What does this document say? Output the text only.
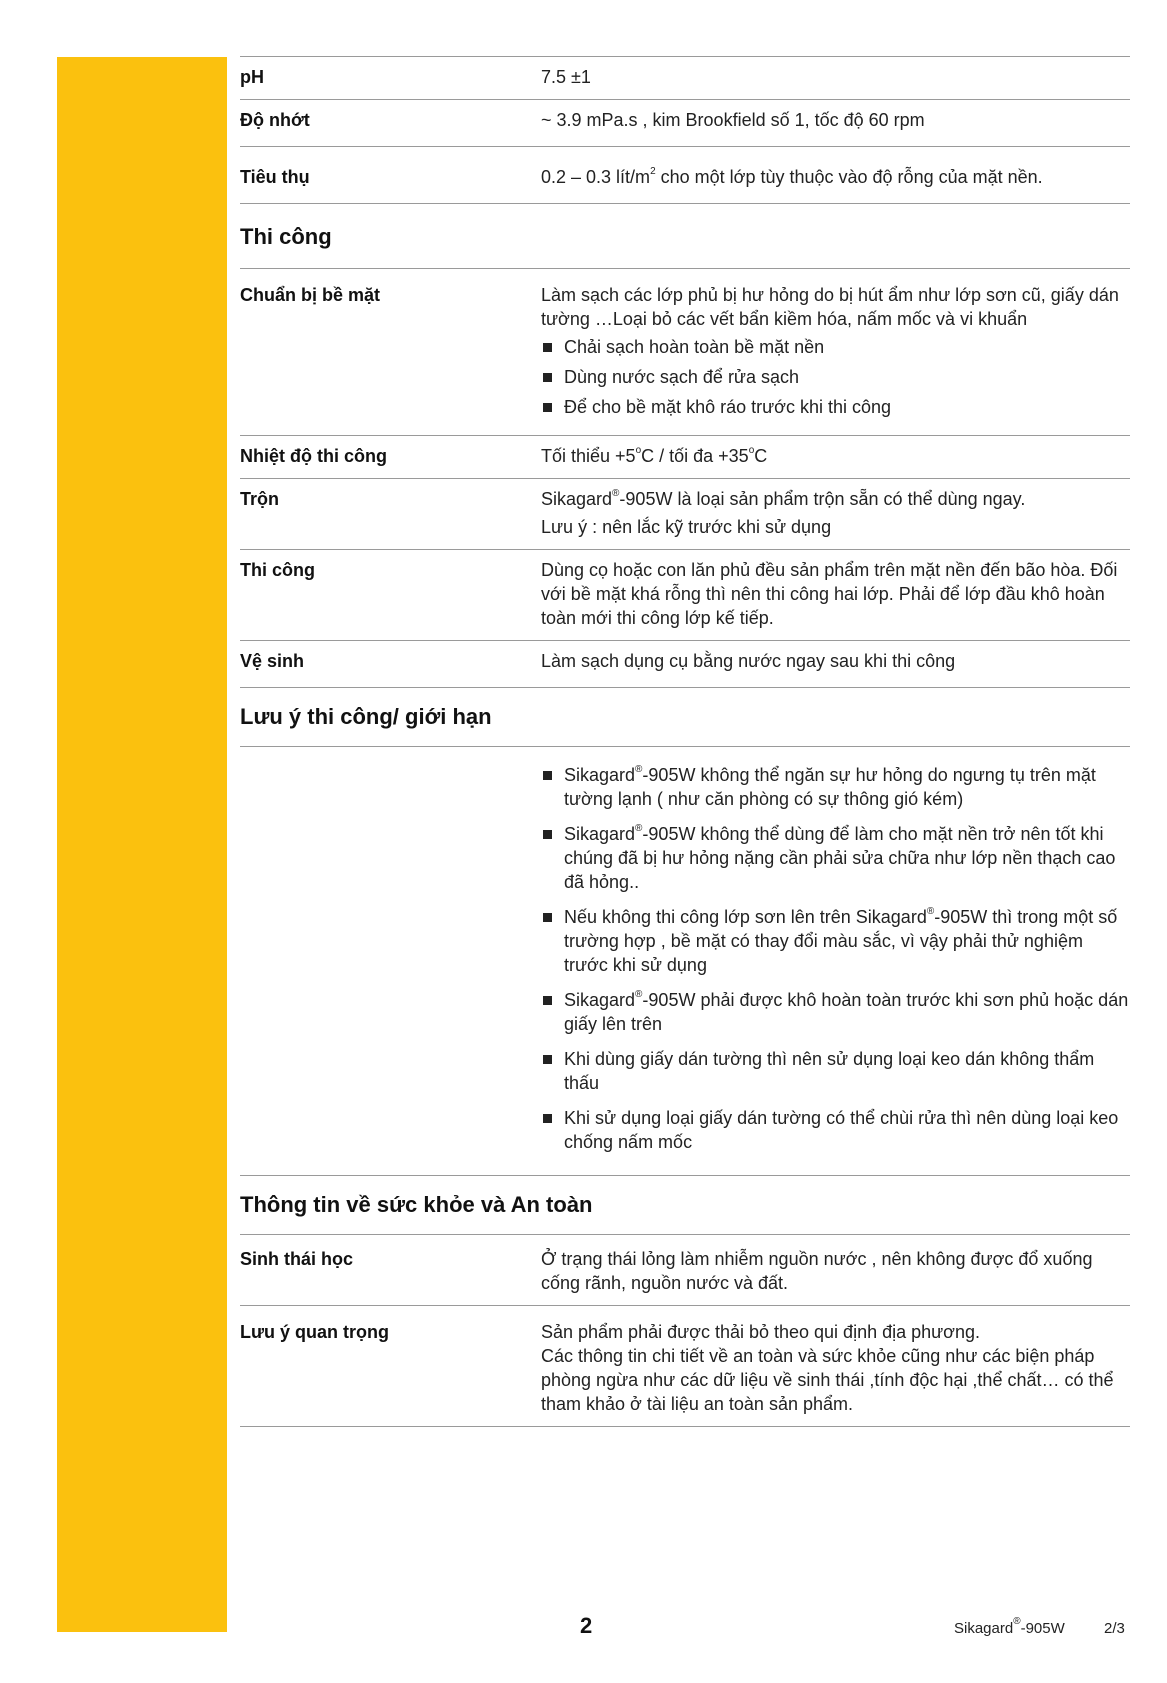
pH	7.5 ±1
Độ nhớt	~ 3.9 mPa.s , kim Brookfield số 1, tốc độ 60 rpm
Tiêu thụ	0.2 – 0.3 lít/$m^2$ cho một lớp tùy thuộc vào độ rỗng của mặt nền.
Thi công
Chuẩn bị bề mặt	Làm sạch các lớp phủ bị hư hỏng do bị hút ẩm như lớp sơn cũ, giấy dán tường …Loại bỏ các vết bẩn kiềm hóa, nấm mốc và vi khuẩn
Chải sạch hoàn toàn bề mặt nền
Dùng nước sạch để rửa sạch
Để cho bề mặt khô ráo trước khi thi công
Nhiệt độ thi công	Tối thiểu $+5^oC$ / tối đa $+35^oC$
Trộn	Sikagard®-905W là loại sản phẩm trộn sẵn có thể dùng ngay.
Lưu ý : nên lắc kỹ trước khi sử dụng
Thi công	Dùng cọ hoặc con lăn phủ đều sản phẩm trên mặt nền đến bão hòa. Đối với bề mặt khá rỗng thì nên thi công hai lớp. Phải để lớp đầu khô hoàn toàn mới thi công lớp kế tiếp.
Vệ sinh	Làm sạch dụng cụ bằng nước ngay sau khi thi công
Lưu ý thi công/ giới hạn
Sikagard®-905W không thể ngăn sự hư hỏng do ngưng tụ trên mặt tường lạnh ( như căn phòng có sự thông gió kém)
Sikagard®-905W không thể dùng để làm cho mặt nền trở nên tốt khi chúng đã bị hư hỏng nặng cần phải sửa chữa như lớp nền thạch cao đã hỏng..
Nếu không thi công lớp sơn lên trên Sikagard®-905W thì trong một số trường hợp , bề mặt có thay đổi màu sắc, vì vậy phải thử nghiệm trước khi sử dụng
Sikagard®-905W phải được khô hoàn toàn trước khi sơn phủ hoặc dán giấy lên trên
Khi dùng giấy dán tường thì nên sử dụng loại keo dán không thẩm thấu
Khi sử dụng loại giấy dán tường có thể chùi rửa thì nên dùng loại keo chống nấm mốc
Thông tin về sức khỏe và An toàn
Sinh thái học	Ở trạng thái lỏng làm nhiễm nguồn nước , nên không được đổ xuống cống rãnh, nguồn nước và đất.
Lưu ý quan trọng	Sản phẩm phải được thải bỏ theo qui định địa phương.
Các thông tin chi tiết về an toàn và sức khỏe cũng như các biện pháp phòng ngừa như các dữ liệu về sinh thái ,tính độc hại ,thể chất… có thể tham khảo ở tài liệu an toàn sản phẩm.
2	Sikagard®-905W	2/3
